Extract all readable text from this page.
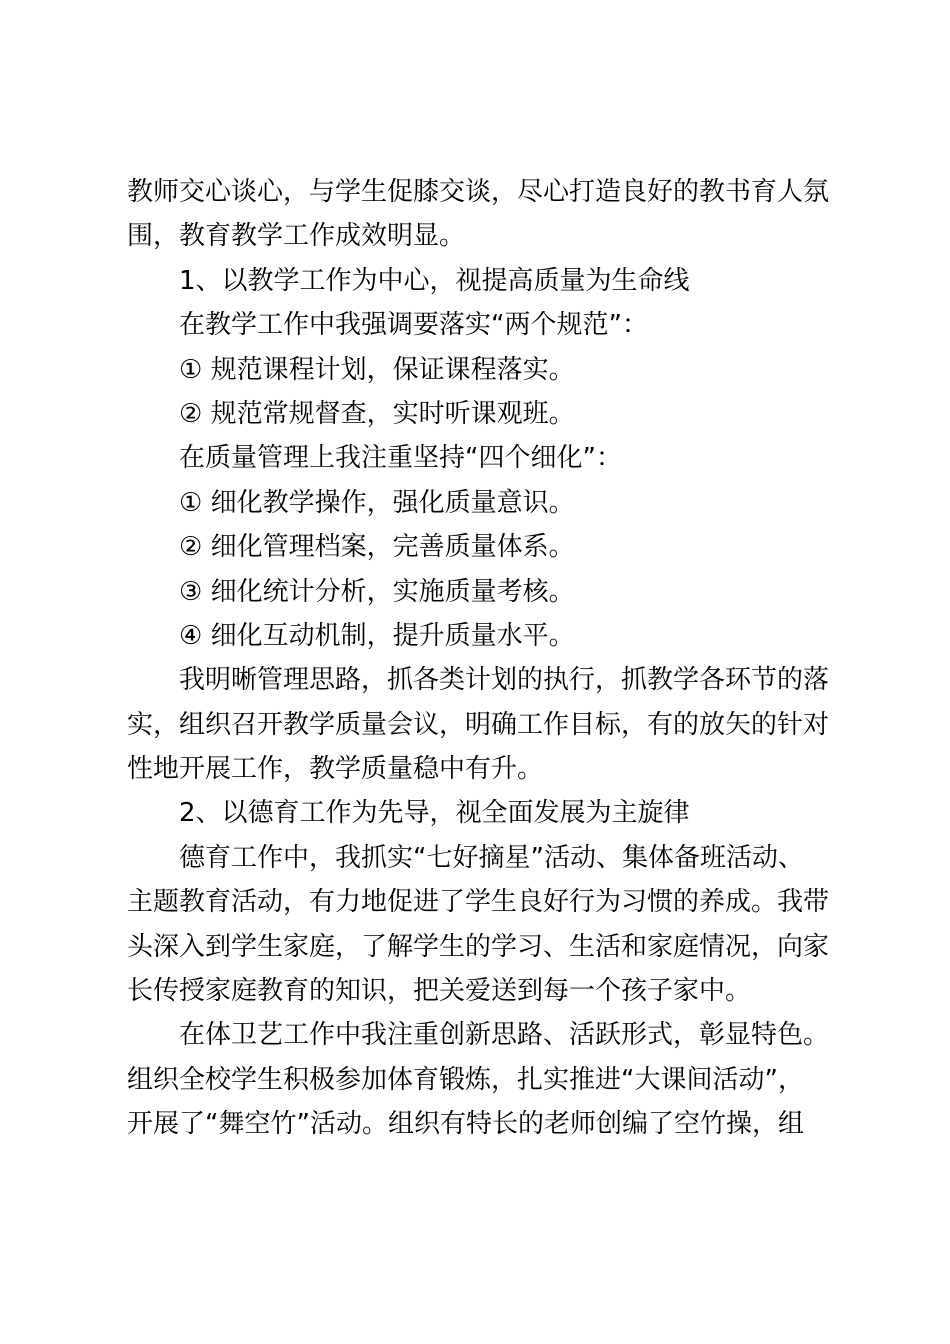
教师交心谈心，与学生促膝交谈，尽心打造良好的教书育人氛

围，教育教学工作成效明显。

1、以教学工作为中心，视提高质量为生命线

在教学工作中我强调要落实“两个规范”：

① 规范课程计划，保证课程落实。

② 规范常规督查，实时听课观班。

在质量管理上我注重坚持“四个细化”：

① 细化教学操作，强化质量意识。

② 细化管理档案，完善质量体系。

③ 细化统计分析，实施质量考核。

④ 细化互动机制，提升质量水平。

我明晰管理思路，抓各类计划的执行，抓教学各环节的落

实，组织召开教学质量会议，明确工作目标，有的放矢的针对

性地开展工作，教学质量稳中有升。

2、以德育工作为先导，视全面发展为主旋律

德育工作中，我抓实“七好摘星”活动、集体备班活动、

主题教育活动，有力地促进了学生良好行为习惯的养成。我带

头深入到学生家庭，了解学生的学习、生活和家庭情况，向家

长传授家庭教育的知识，把关爱送到每一个孩子家中。

在体卫艺工作中我注重创新思路、活跃形式，彰显特色。

组织全校学生积极参加体育锻炼，扎实推进“大课间活动”，

开展了“舞空竹”活动。组织有特长的老师创编了空竹操，组
